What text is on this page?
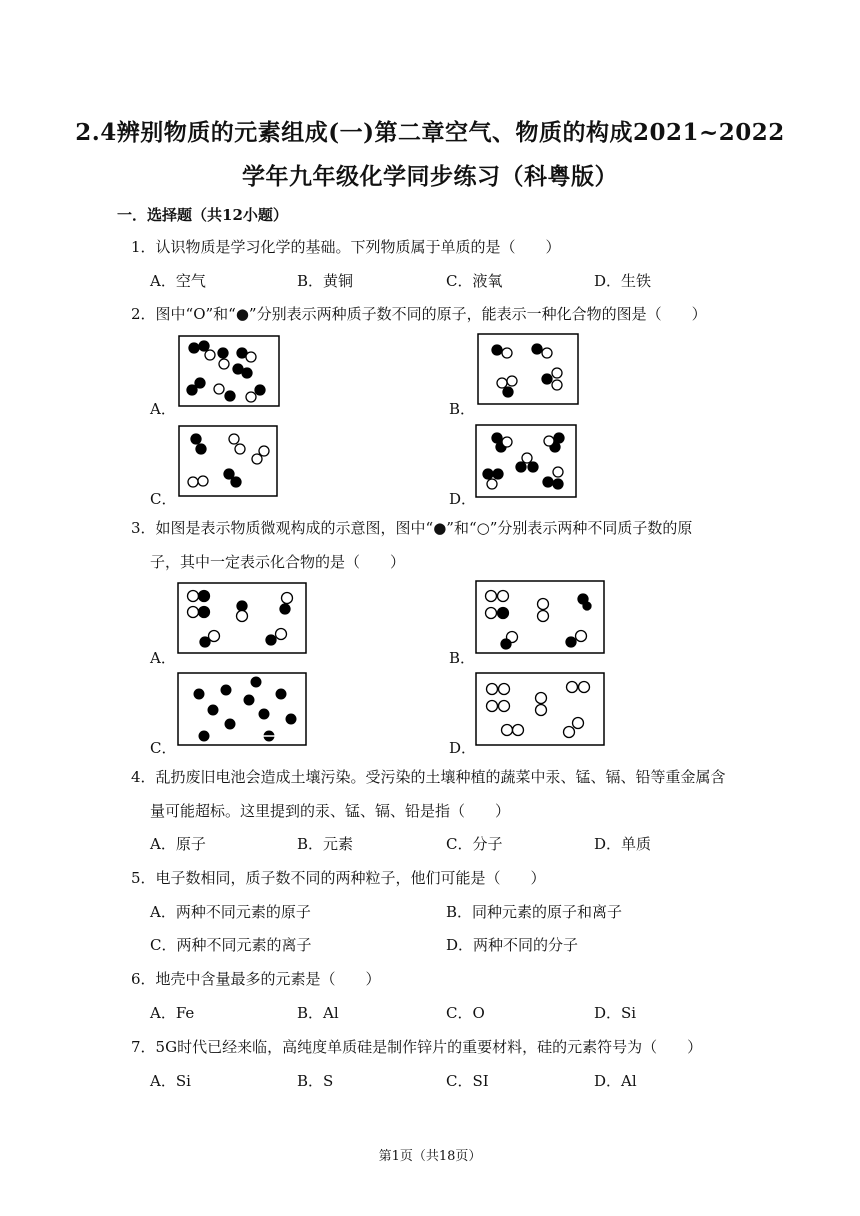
2.4辨别物质的元素组成(一)第二章空气、物质的构成2021~2022
学年九年级化学同步练习（科粤版）
一．选择题（共12小题）
1．认识物质是学习化学的基础。下列物质属于单质的是（　　）
A．空气	B．黄铜	C．液氧	D．生铁
2．图中“O”和“●”分别表示两种质子数不同的原子，能表示一种化合物的图是（　　）
A．	B．
C．	D．
3．如图是表示物质微观构成的示意图，图中“●”和“○”分别表示两种不同质子数的原
子，其中一定表示化合物的是（　　）
A．	B．
C．	D．
4．乱扔废旧电池会造成土壤污染。受污染的土壤种植的蔬菜中汞、锰、镉、铅等重金属含
量可能超标。这里提到的汞、锰、镉、铅是指（　　）
A．原子	B．元素	C．分子	D．单质
5．电子数相同，质子数不同的两种粒子，他们可能是（　　）
A．两种不同元素的原子	B．同种元素的原子和离子
C．两种不同元素的离子	D．两种不同的分子
6．地壳中含量最多的元素是（　　）
A．Fe	B．Al	C．O	D．Si
7．5G时代已经来临，高纯度单质硅是制作锌片的重要材料，硅的元素符号为（　　）
A．Si	B．S	C．SI	D．Al
第1页（共18页）
